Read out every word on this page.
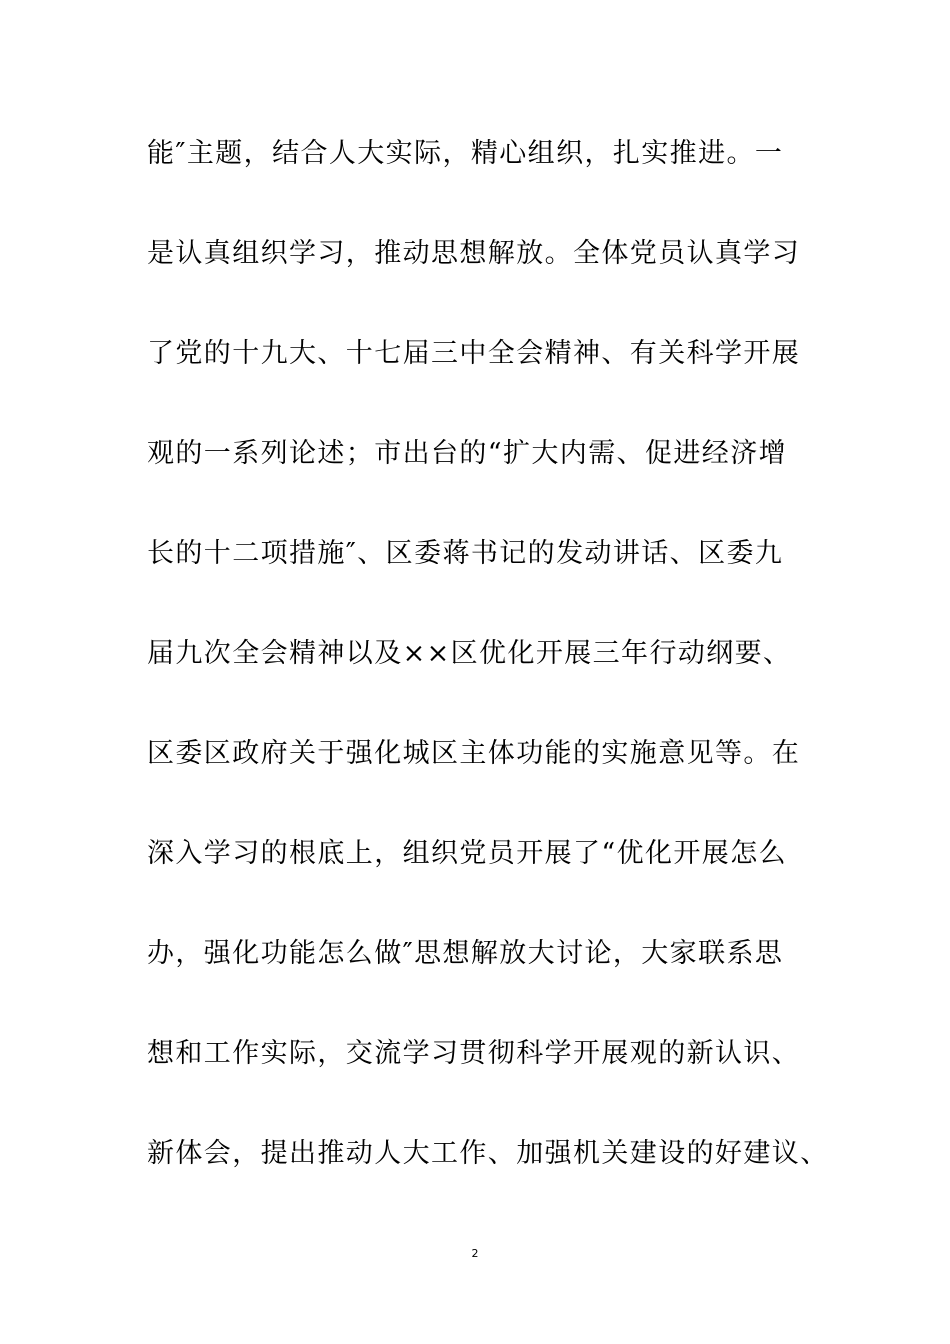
能″主题，结合人大实际，精心组织，扎实推进。一
是认真组织学习，推动思想解放。全体党员认真学习
了党的十九大、十七届三中全会精神、有关科学开展
观的一系列论述；市出台的“扩大内需、促进经济增
长的十二项措施″、区委蒋书记的发动讲话、区委九
届九次全会精神以及××区优化开展三年行动纲要、
区委区政府关于强化城区主体功能的实施意见等。在
深入学习的根底上，组织党员开展了“优化开展怎么
办，强化功能怎么做″思想解放大讨论，大家联系思
想和工作实际，交流学习贯彻科学开展观的新认识、
新体会，提出推动人大工作、加强机关建设的好建议、
2
